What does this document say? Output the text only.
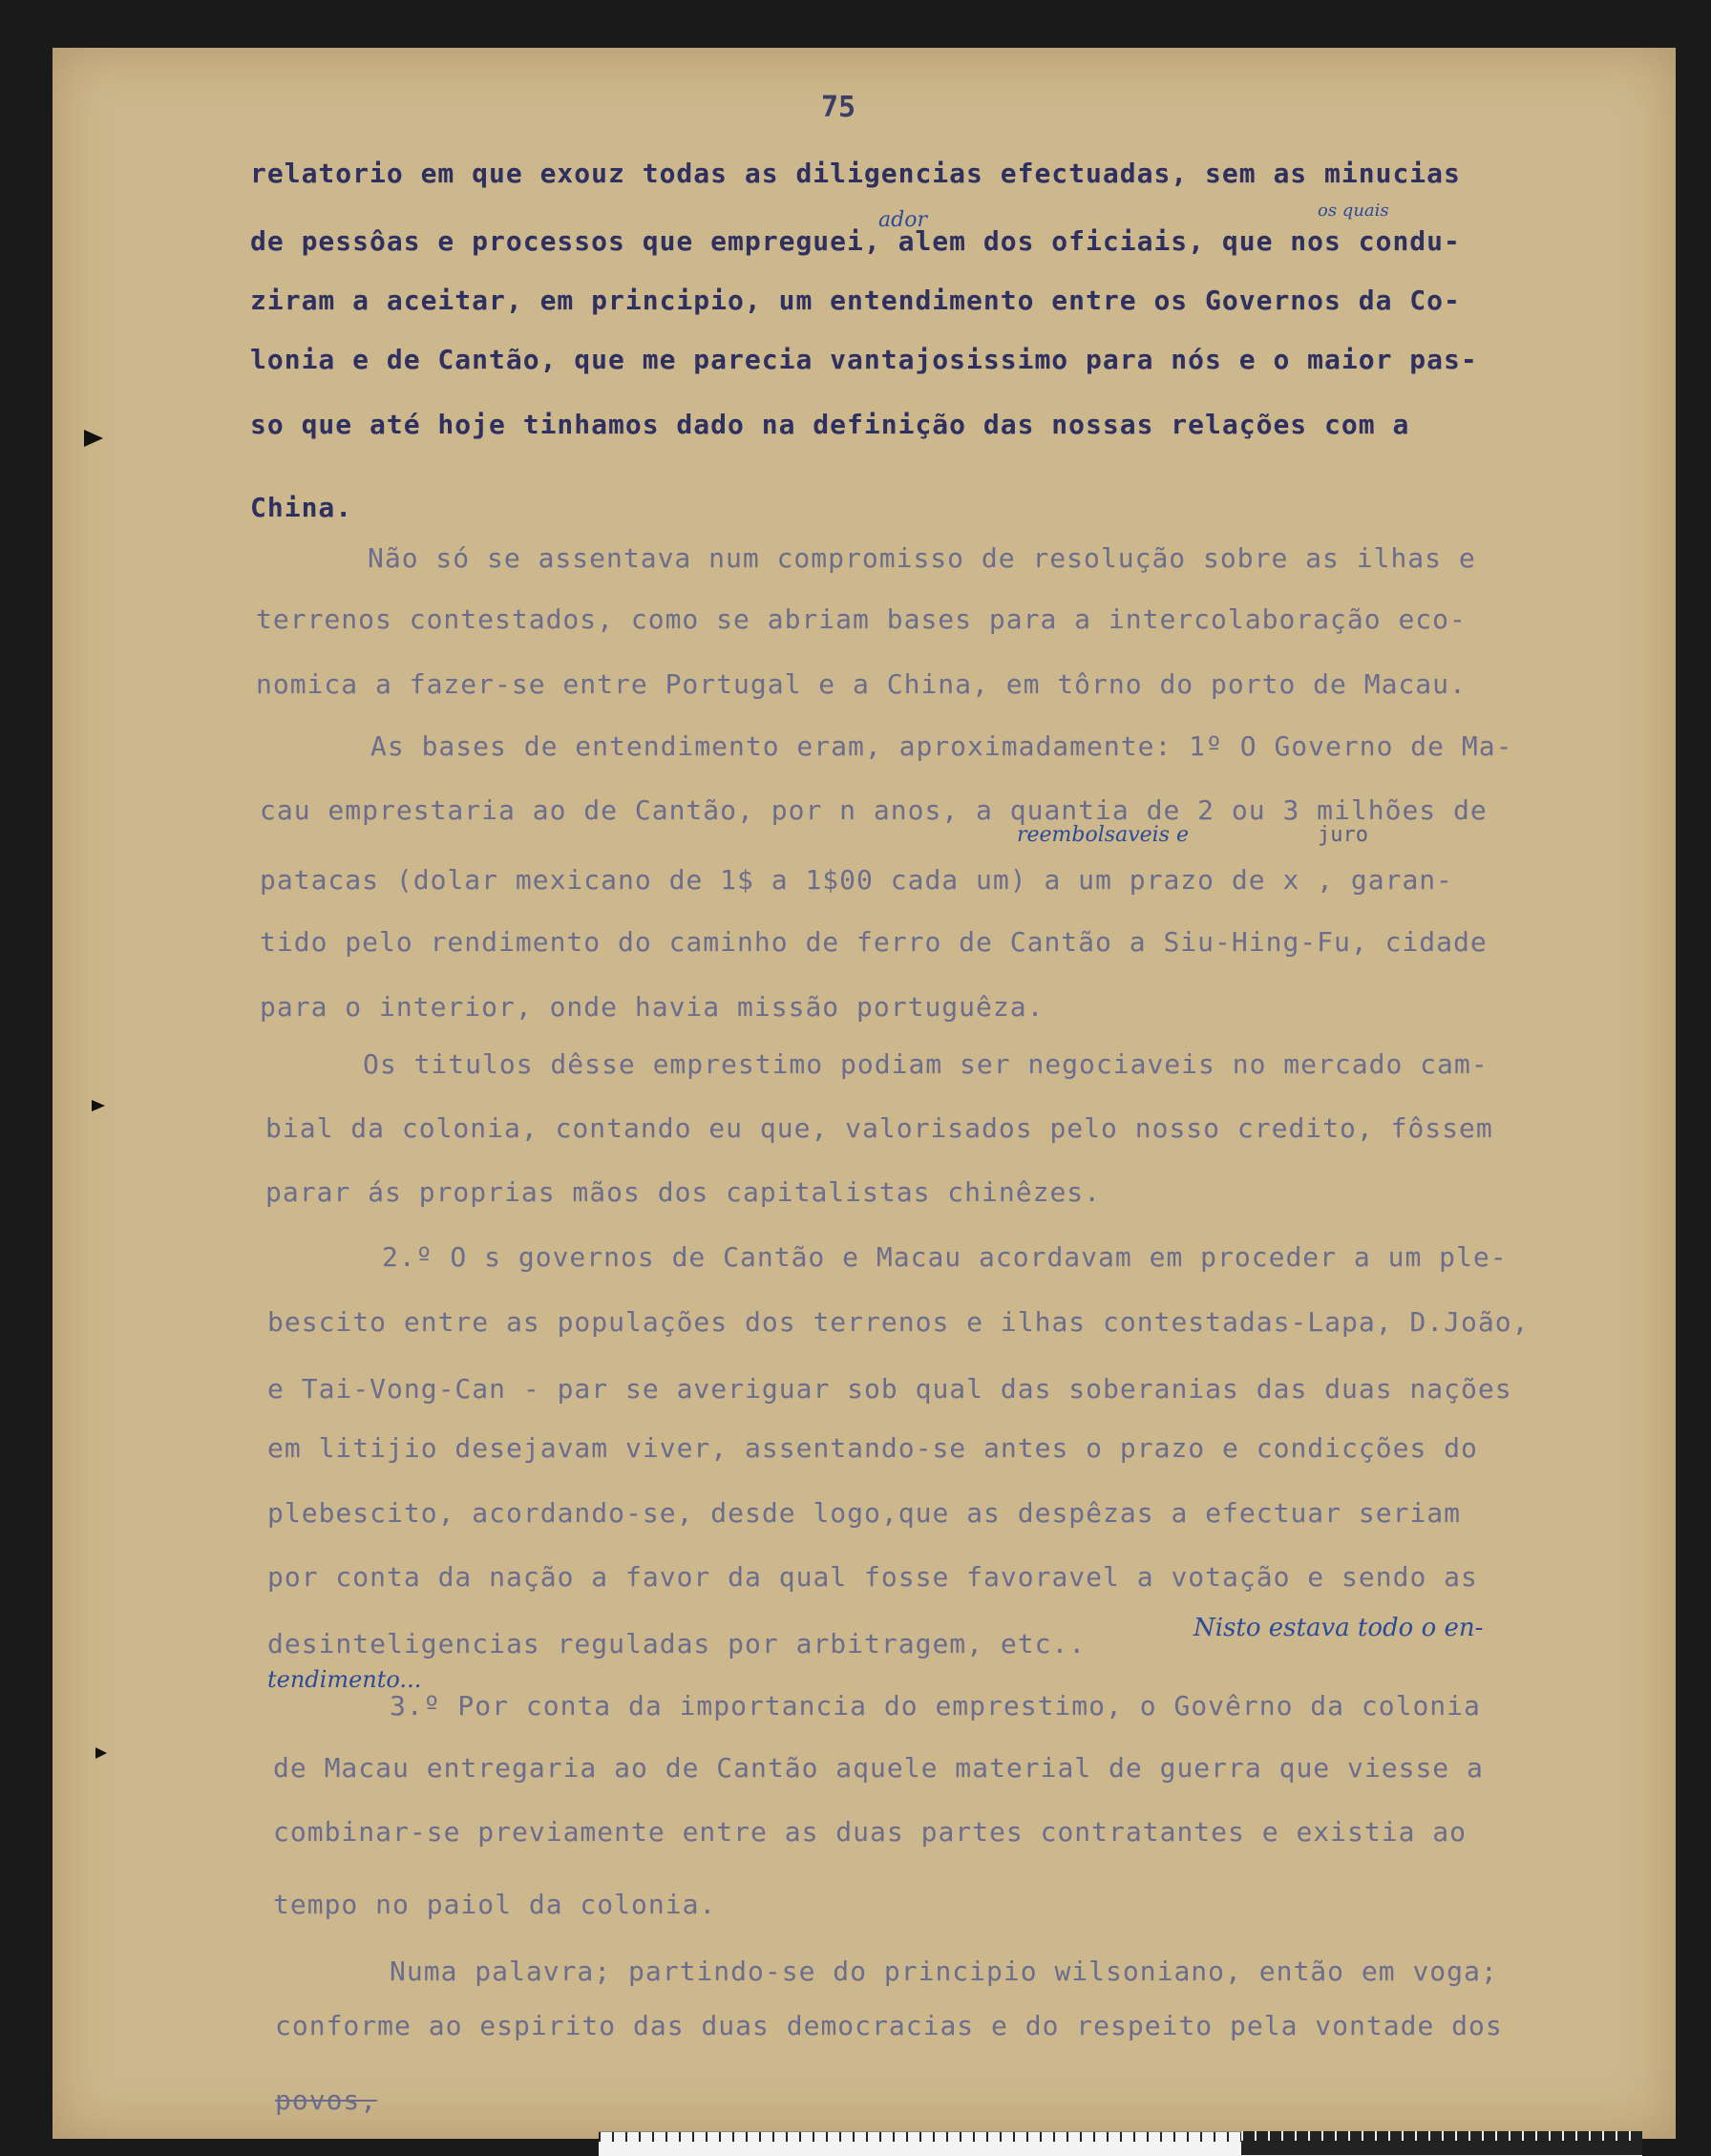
75
relatorio em que exouz todas as diligencias efectuadas, sem as minucias
de pessôas e processos que empreguei, alem dos oficiais, que nos condu-
ziram a aceitar, em principio, um entendimento entre os Governos da Co-
lonia e de Cantão, que me parecia vantajosissimo para nós e o maior pas-
so que até hoje tinhamos dado na definição das nossas relações com a
China.
ador	os quais
Não só se assentava num compromisso de resolução sobre as ilhas e
terrenos contestados, como se abriam bases para a intercolaboração eco-
nomica a fazer-se entre Portugal e a China, em tôrno do porto de Macau.
As bases de entendimento eram, aproximadamente: 1º O Governo de Ma-
cau emprestaria ao de Cantão, por n anos, a quantia de 2 ou 3 milhões de
patacas (dolar mexicano de 1$ a 1$00 cada um) a um prazo de x , garan-
tido pelo rendimento do caminho de ferro de Cantão a Siu-Hing-Fu, cidade
para o interior, onde havia missão portuguêza.
reembolsaveis e	juro
Os titulos dêsse emprestimo podiam ser negociaveis no mercado cam-
bial da colonia, contando eu que, valorisados pelo nosso credito, fôssem
parar ás proprias mãos dos capitalistas chinêzes.
2.º O s governos de Cantão e Macau acordavam em proceder a um ple-
bescito entre as populações dos terrenos e ilhas contestadas-Lapa, D.João,
e Tai-Vong-Can - par se averiguar sob qual das soberanias das duas nações
em litijio desejavam viver, assentando-se antes o prazo e condicções do
plebescito, acordando-se, desde logo,que as despêzas a efectuar seriam
por conta da nação a favor da qual fosse favoravel a votação e sendo as
desinteligencias reguladas por arbitragem, etc..	Nisto estava todo o en-
tendimento...
3.º Por conta da importancia do emprestimo, o Govêrno da colonia
de Macau entregaria ao de Cantão aquele material de guerra que viesse a
combinar-se previamente entre as duas partes contratantes e existia ao
tempo no paiol da colonia.
Numa palavra; partindo-se do principio wilsoniano, então em voga;
conforme ao espirito das duas democracias e do respeito pela vontade dos
povos,
